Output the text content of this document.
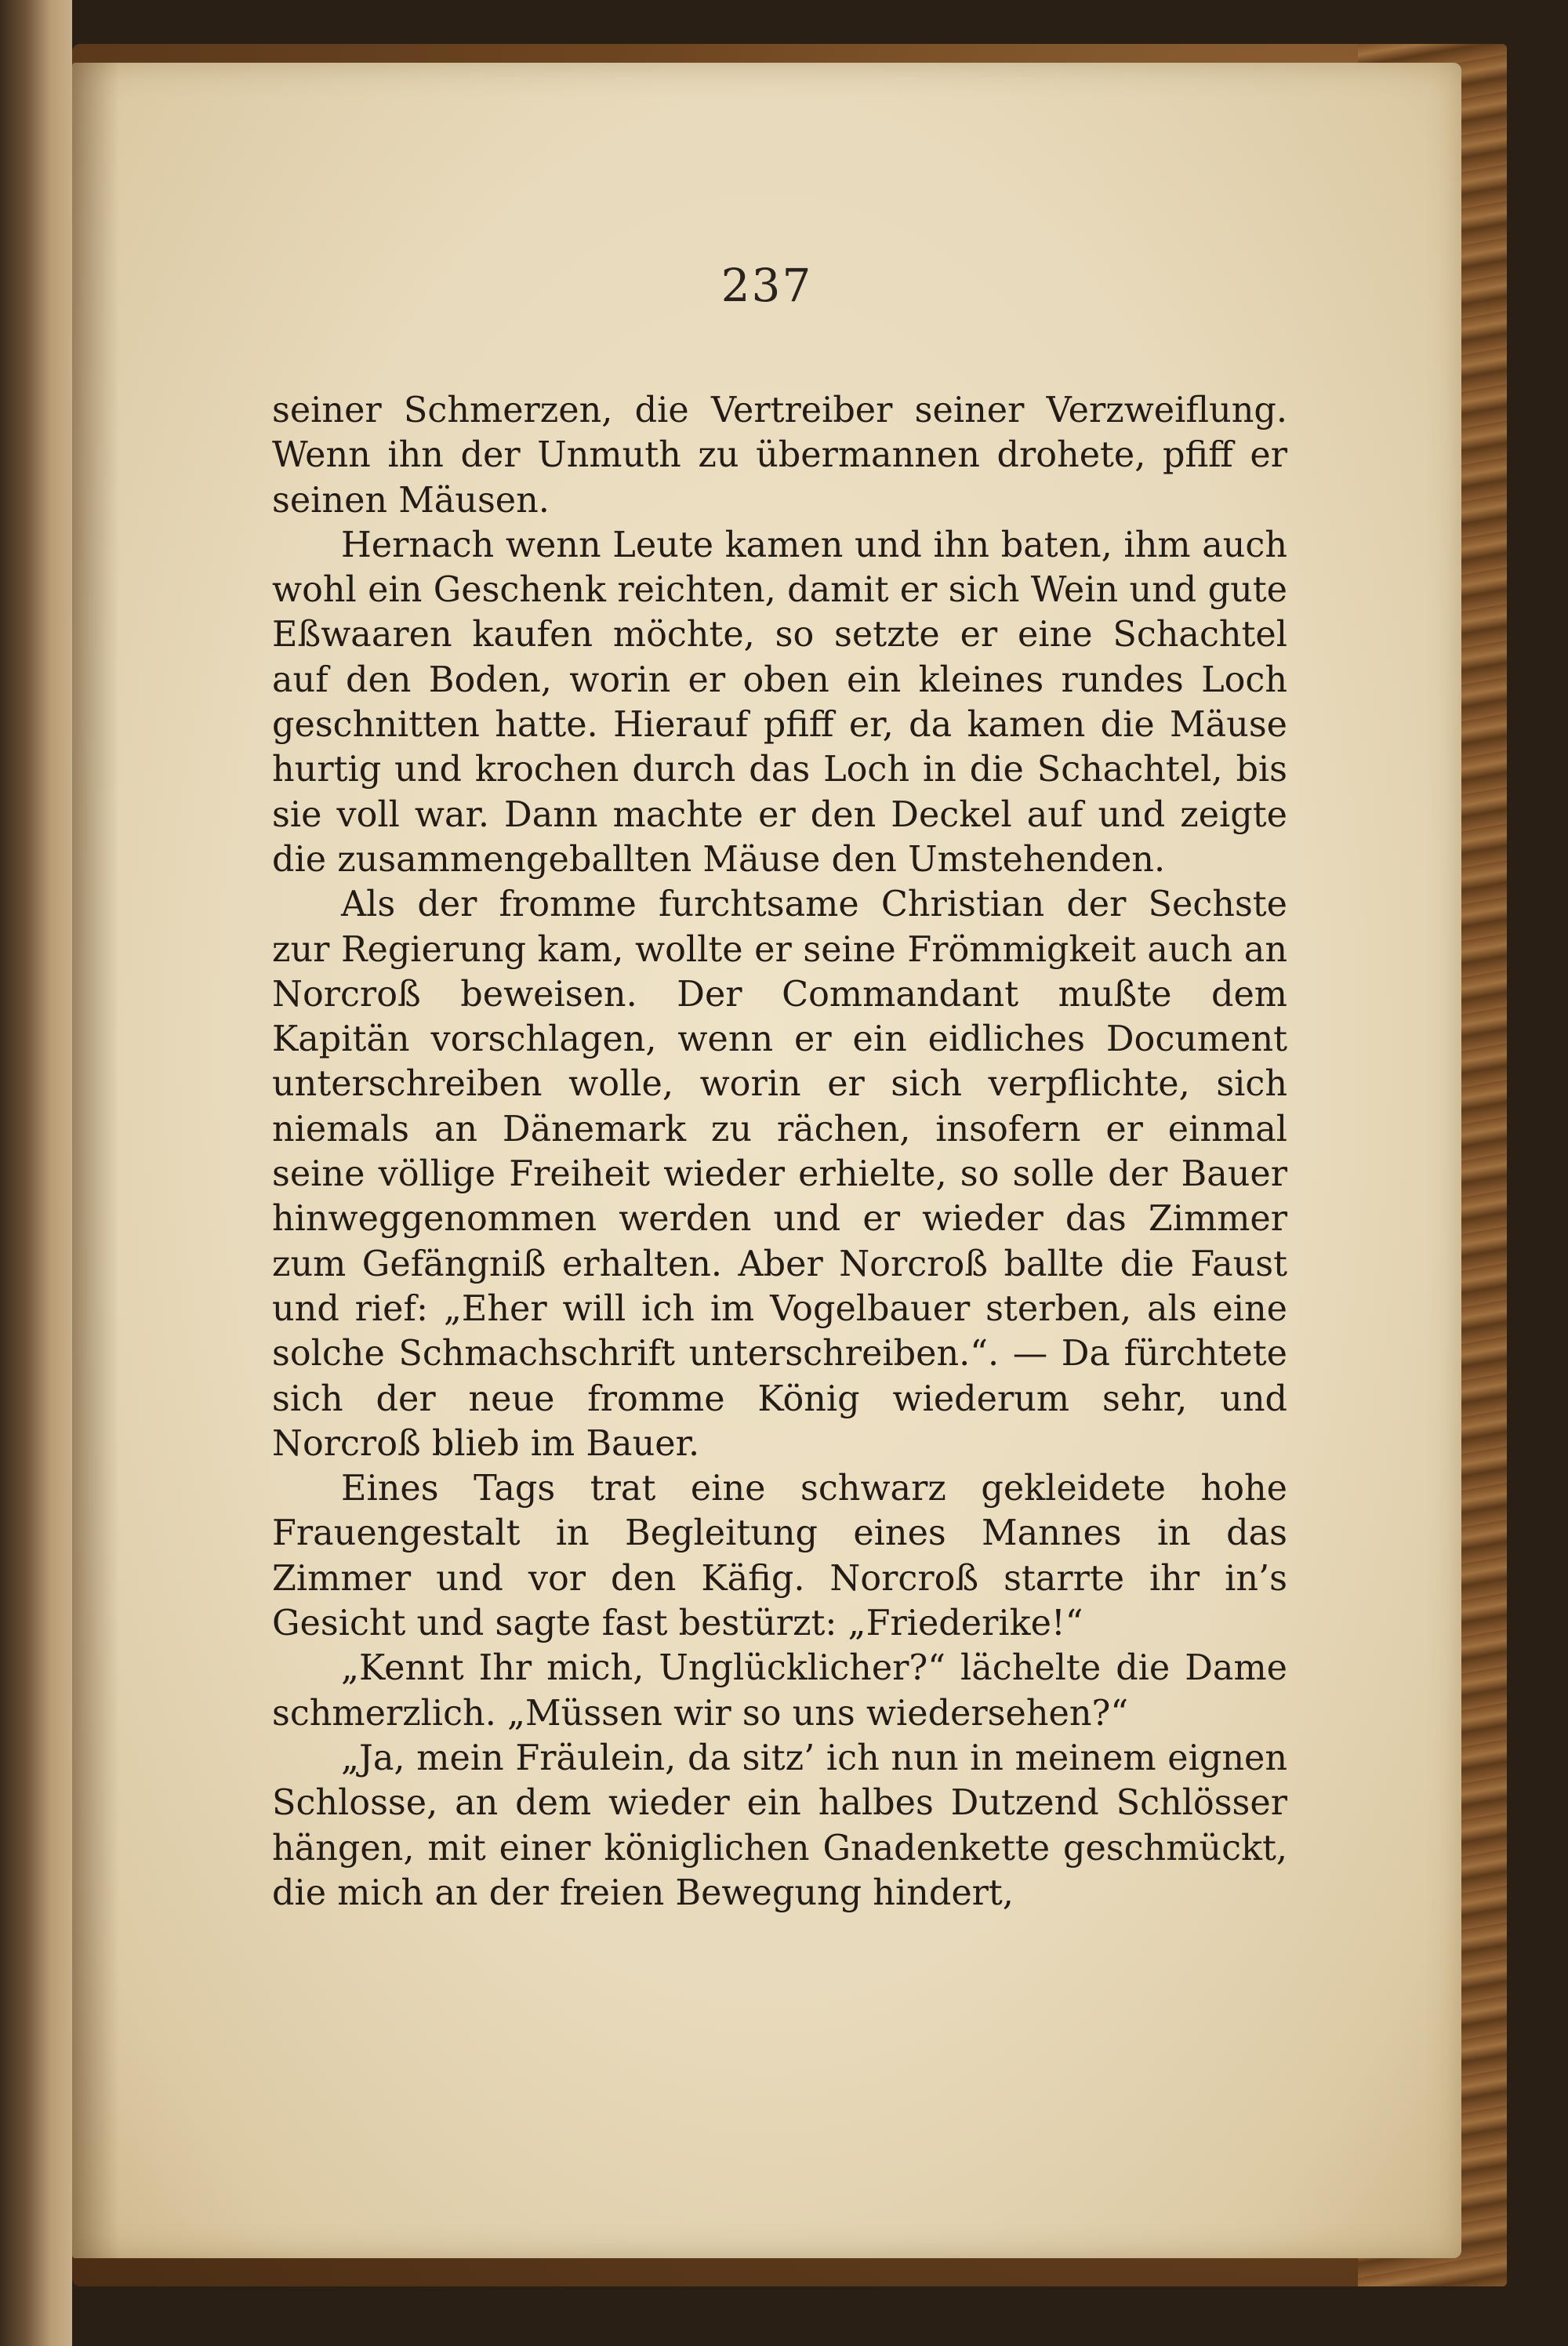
237

seiner Schmerzen, die Vertreiber seiner Verzweiflung. Wenn ihn der Unmuth zu übermannen drohete, pfiff er seinen Mäusen.

Hernach wenn Leute kamen und ihn baten, ihm auch wohl ein Geschenk reichten, damit er sich Wein und gute Eßwaaren kaufen möchte, so setzte er eine Schachtel auf den Boden, worin er oben ein kleines rundes Loch geschnitten hatte. Hierauf pfiff er, da kamen die Mäuse hurtig und krochen durch das Loch in die Schachtel, bis sie voll war. Dann machte er den Deckel auf und zeigte die zusammengeballten Mäuse den Umstehenden.

Als der fromme furchtsame Christian der Sechste zur Regierung kam, wollte er seine Frömmigkeit auch an Norcroß beweisen. Der Commandant mußte dem Kapitän vorschlagen, wenn er ein eidliches Document unterschreiben wolle, worin er sich verpflichte, sich niemals an Dänemark zu rächen, insofern er einmal seine völlige Freiheit wieder erhielte, so solle der Bauer hinweggenommen werden und er wieder das Zimmer zum Gefängniß erhalten. Aber Norcroß ballte die Faust und rief: „Eher will ich im Vogelbauer sterben, als eine solche Schmachschrift unterschreiben.“. — Da fürchtete sich der neue fromme König wiederum sehr, und Norcroß blieb im Bauer.

Eines Tags trat eine schwarz gekleidete hohe Frauengestalt in Begleitung eines Mannes in das Zimmer und vor den Käfig. Norcroß starrte ihr in’s Gesicht und sagte fast bestürzt: „Friederike!“

„Kennt Ihr mich, Unglücklicher?“ lächelte die Dame schmerzlich. „Müssen wir so uns wiedersehen?“

„Ja, mein Fräulein, da sitz’ ich nun in meinem eignen Schlosse, an dem wieder ein halbes Dutzend Schlösser hängen, mit einer königlichen Gnadenkette geschmückt, die mich an der freien Bewegung hindert,
